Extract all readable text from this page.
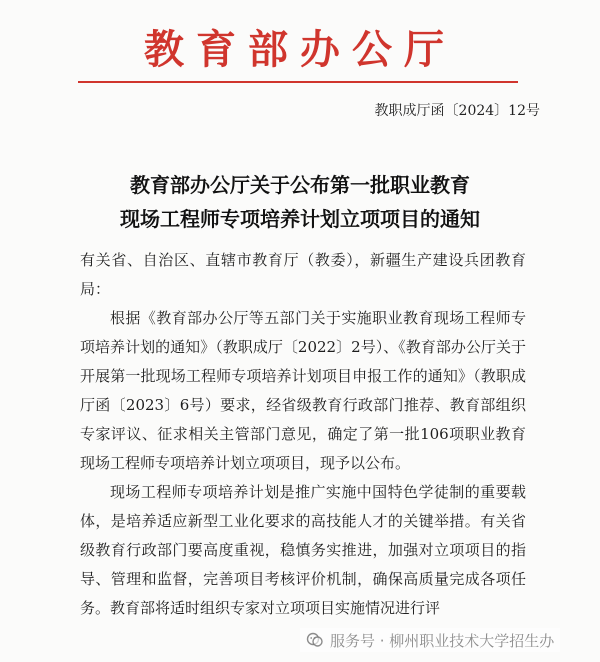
教育部办公厅
教职成厅函〔2024〕12号
教育部办公厅关于公布第一批职业教育
现场工程师专项培养计划立项项目的通知

有关省、自治区、直辖市教育厅（教委），新疆生产建设兵团教育局：

根据《教育部办公厅等五部门关于实施职业教育现场工程师专项培养计划的通知》（教职成厅〔2022〕2号）、《教育部办公厅关于开展第一批现场工程师专项培养计划项目申报工作的通知》（教职成厅函〔2023〕6号）要求，经省级教育行政部门推荐、教育部组织专家评议、征求相关主管部门意见，确定了第一批106项职业教育现场工程师专项培养计划立项项目，现予以公布。

现场工程师专项培养计划是推广实施中国特色学徒制的重要载体，是培养适应新型工业化要求的高技能人才的关键举措。有关省级教育行政部门要高度重视，稳慎务实推进，加强对立项项目的指导、管理和监督，完善项目考核评价机制，确保高质量完成各项任务。教育部将适时组织专家对立项项目实施情况进行评

服务号 · 柳州职业技术大学招生办
